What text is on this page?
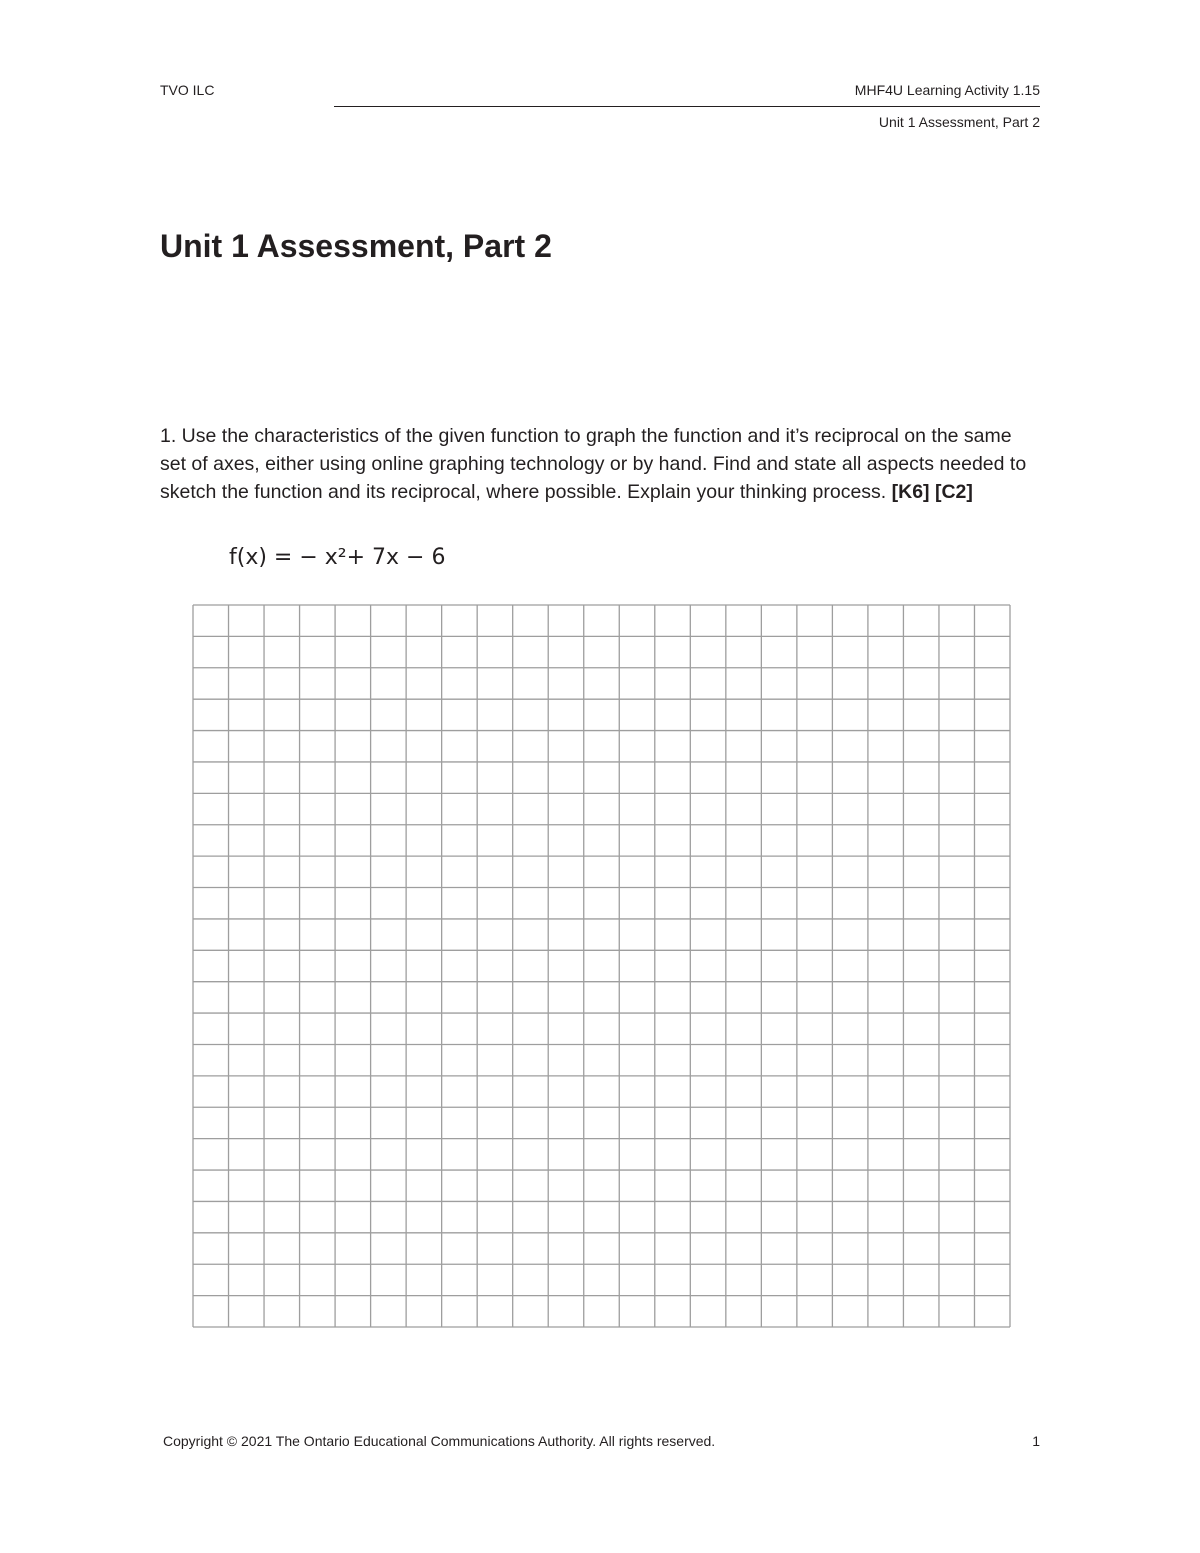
TVO ILC	MHF4U Learning Activity 1.15
Unit 1 Assessment, Part 2
Unit 1 Assessment, Part 2
1. Use the characteristics of the given function to graph the function and it’s reciprocal on the same set of axes, either using online graphing technology or by hand. Find and state all aspects needed to sketch the function and its reciprocal, where possible. Explain your thinking process. [K6] [C2]
f(x) = − x²+ 7x − 6
Copyright © 2021 The Ontario Educational Communications Authority. All rights reserved.	1
